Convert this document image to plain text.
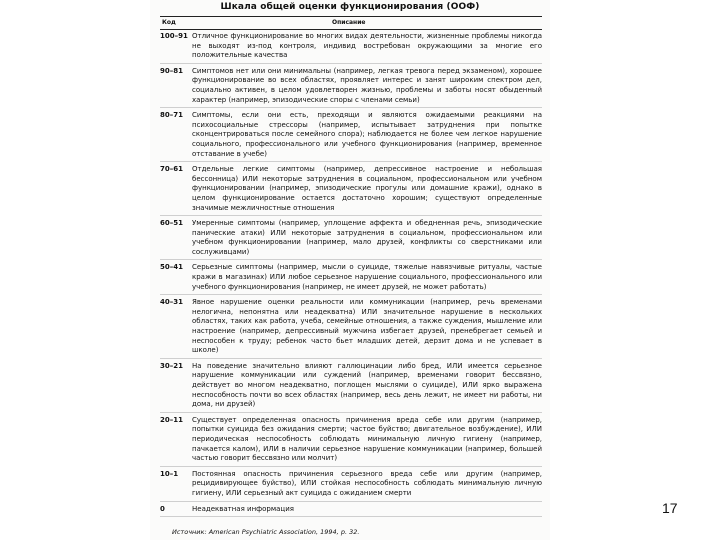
Шкала общей оценки функционирования (ООФ)
Код	Описание
100–91 Отличное функционирование во многих видах деятельности, жизненные проблемы никогда не выходят из-под контроля, индивид востребован окружающими за многие его положительные качества
90–81	Симптомов нет или они минимальны (например, легкая тревога перед экзаменом), хорошее функционирование во всех областях, проявляет интерес и занят широким спектром дел, социально активен, в целом удовлетворен жизнью, проблемы и заботы носят обыденный характер (например, эпизодические споры с членами семьи)
80–71	Симптомы, если они есть, преходящи и являются ожидаемыми реакциями на психосоциальные стрессоры (например, испытывает затруднения при попытке сконцентрироваться после семейного спора); наблюдается не более чем легкое нарушение социального, профессионального или учебного функционирования (например, временное отставание в учебе)
70–61	Отдельные легкие симптомы (например, депрессивное настроение и небольшая бессонница) ИЛИ некоторые затруднения в социальном, профессиональном или учебном функционировании (например, эпизодические прогулы или домашние кражи), однако в целом функционирование остается достаточно хорошим; существуют определенные значимые межличностные отношения
60–51	Умеренные симптомы (например, уплощение аффекта и обедненная речь, эпизодические панические атаки) ИЛИ некоторые затруднения в социальном, профессиональном или учебном функционировании (например, мало друзей, конфликты со сверстниками или сослуживцами)
50–41	Серьезные симптомы (например, мысли о суициде, тяжелые навязчивые ритуалы, частые кражи в магазинах) ИЛИ любое серьезное нарушение социального, профессионального или учебного функционирования (например, не имеет друзей, не может работать)
40–31	Явное нарушение оценки реальности или коммуникации (например, речь временами нелогична, непонятна или неадекватна) ИЛИ значительное нарушение в нескольких областях, таких как работа, учеба, семейные отношения, а также суждения, мышление или настроение (например, депрессивный мужчина избегает друзей, пренебрегает семьей и неспособен к труду; ребенок часто бьет младших детей, дерзит дома и не успевает в школе)
30–21	На поведение значительно влияют галлюцинации либо бред, ИЛИ имеется серьезное нарушение коммуникации или суждений (например, временами говорит бессвязно, действует во многом неадекватно, поглощен мыслями о суициде), ИЛИ ярко выражена неспособность почти во всех областях (например, весь день лежит, не имеет ни работы, ни дома, ни друзей)
20–11	Существует определенная опасность причинения вреда себе или другим (например, попытки суицида без ожидания смерти; частое буйство; двигательное возбуждение), ИЛИ периодическая неспособность соблюдать минимальную личную гигиену (например, пачкается калом), ИЛИ в наличии серьезное нарушение коммуникации (например, большей частью говорит бессвязно или молчит)
10–1	Постоянная опасность причинения серьезного вреда себе или другим (например, рецидивирующее буйство), ИЛИ стойкая неспособность соблюдать минимальную личную гигиену, ИЛИ серьезный акт суицида с ожиданием смерти
0	Неадекватная информация
Источник: American Psychiatric Association, 1994, р. 32.
17
